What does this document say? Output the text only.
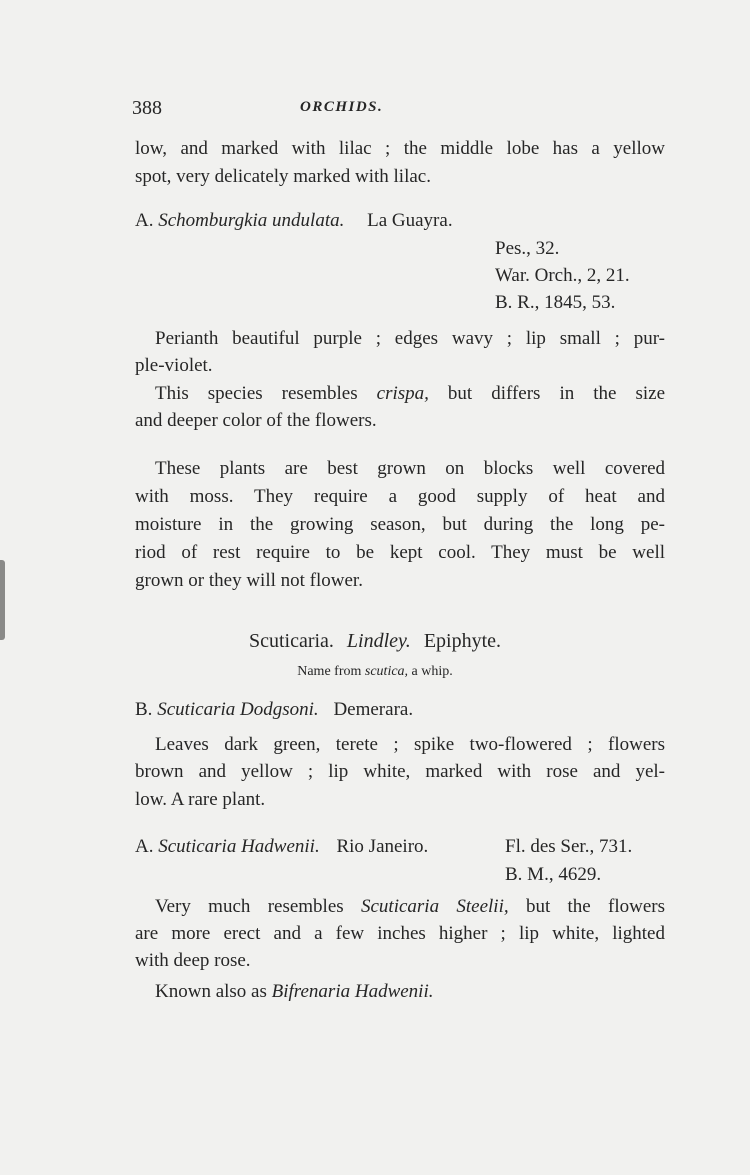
388	ORCHIDS.
low, and marked with lilac ; the middle lobe has a yellow
spot, very delicately marked with lilac.
A. Schomburgkia undulata. La Guayra.
Pes., 32.
War. Orch., 2, 21.
B. R., 1845, 53.
Perianth beautiful purple ; edges wavy ; lip small ; pur-
ple-violet.
This species resembles crispa, but differs in the size
and deeper color of the flowers.
These plants are best grown on blocks well covered
with moss. They require a good supply of heat and
moisture in the growing season, but during the long pe-
riod of rest require to be kept cool. They must be well
grown or they will not flower.
Scuticaria. Lindley. Epiphyte.
Name from scutica, a whip.
B. Scuticaria Dodgsoni. Demerara.
Leaves dark green, terete ; spike two-flowered ; flowers
brown and yellow ; lip white, marked with rose and yel-
low. A rare plant.
A. Scuticaria Hadwenii. Rio Janeiro.	Fl. des Ser., 731.
B. M., 4629.
Very much resembles Scuticaria Steelii, but the flowers
are more erect and a few inches higher ; lip white, lighted
with deep rose.
Known also as Bifrenaria Hadwenii.
